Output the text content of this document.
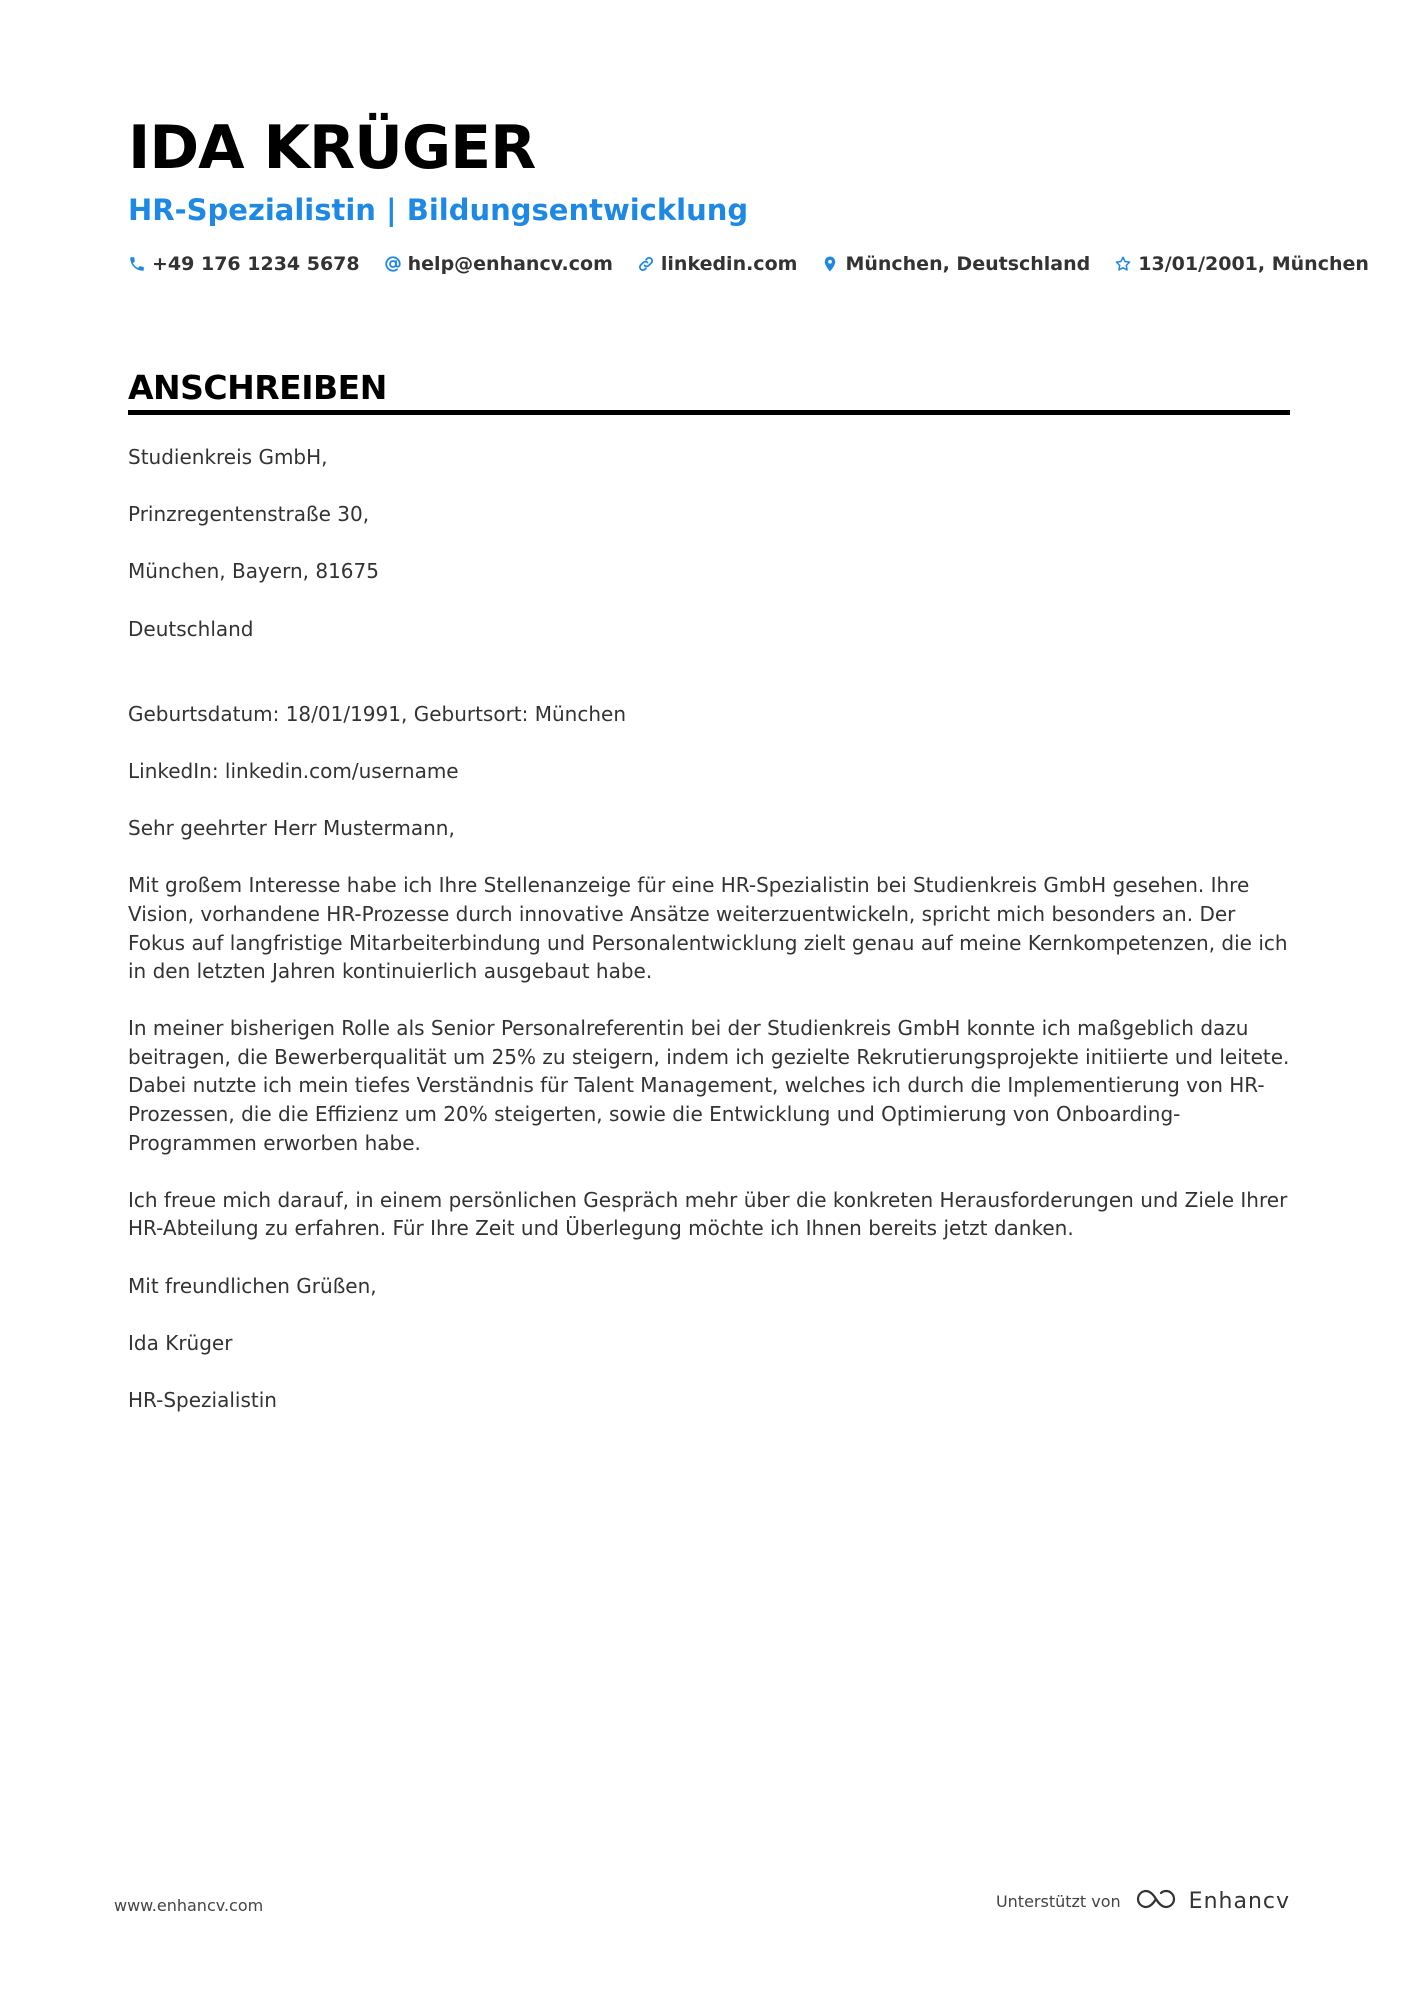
IDA KRÜGER
HR-Spezialistin | Bildungsentwicklung
+49 176 1234 5678	help@enhancv.com	linkedin.com	München, Deutschland	13/01/2001, München
ANSCHREIBEN

Studienkreis GmbH,

Prinzregentenstraße 30,

München, Bayern, 81675

Deutschland

Geburtsdatum: 18/01/1991, Geburtsort: München

LinkedIn: linkedin.com/username

Sehr geehrter Herr Mustermann,

Mit großem Interesse habe ich Ihre Stellenanzeige für eine HR-Spezialistin bei Studienkreis GmbH gesehen. Ihre Vision, vorhandene HR-Prozesse durch innovative Ansätze weiterzuentwickeln, spricht mich besonders an. Der Fokus auf langfristige Mitarbeiterbindung und Personalentwicklung zielt genau auf meine Kernkompetenzen, die ich in den letzten Jahren kontinuierlich ausgebaut habe.

In meiner bisherigen Rolle als Senior Personalreferentin bei der Studienkreis GmbH konnte ich maßgeblich dazu beitragen, die Bewerberqualität um 25% zu steigern, indem ich gezielte Rekrutierungsprojekte initiierte und leitete. Dabei nutzte ich mein tiefes Verständnis für Talent Management, welches ich durch die Implementierung von HR-Prozessen, die die Effizienz um 20% steigerten, sowie die Entwicklung und Optimierung von Onboarding-Programmen erworben habe.

Ich freue mich darauf, in einem persönlichen Gespräch mehr über die konkreten Herausforderungen und Ziele Ihrer HR-Abteilung zu erfahren. Für Ihre Zeit und Überlegung möchte ich Ihnen bereits jetzt danken.

Mit freundlichen Grüßen,

Ida Krüger

HR-Spezialistin

www.enhancv.com	Unterstützt von	Enhancv
